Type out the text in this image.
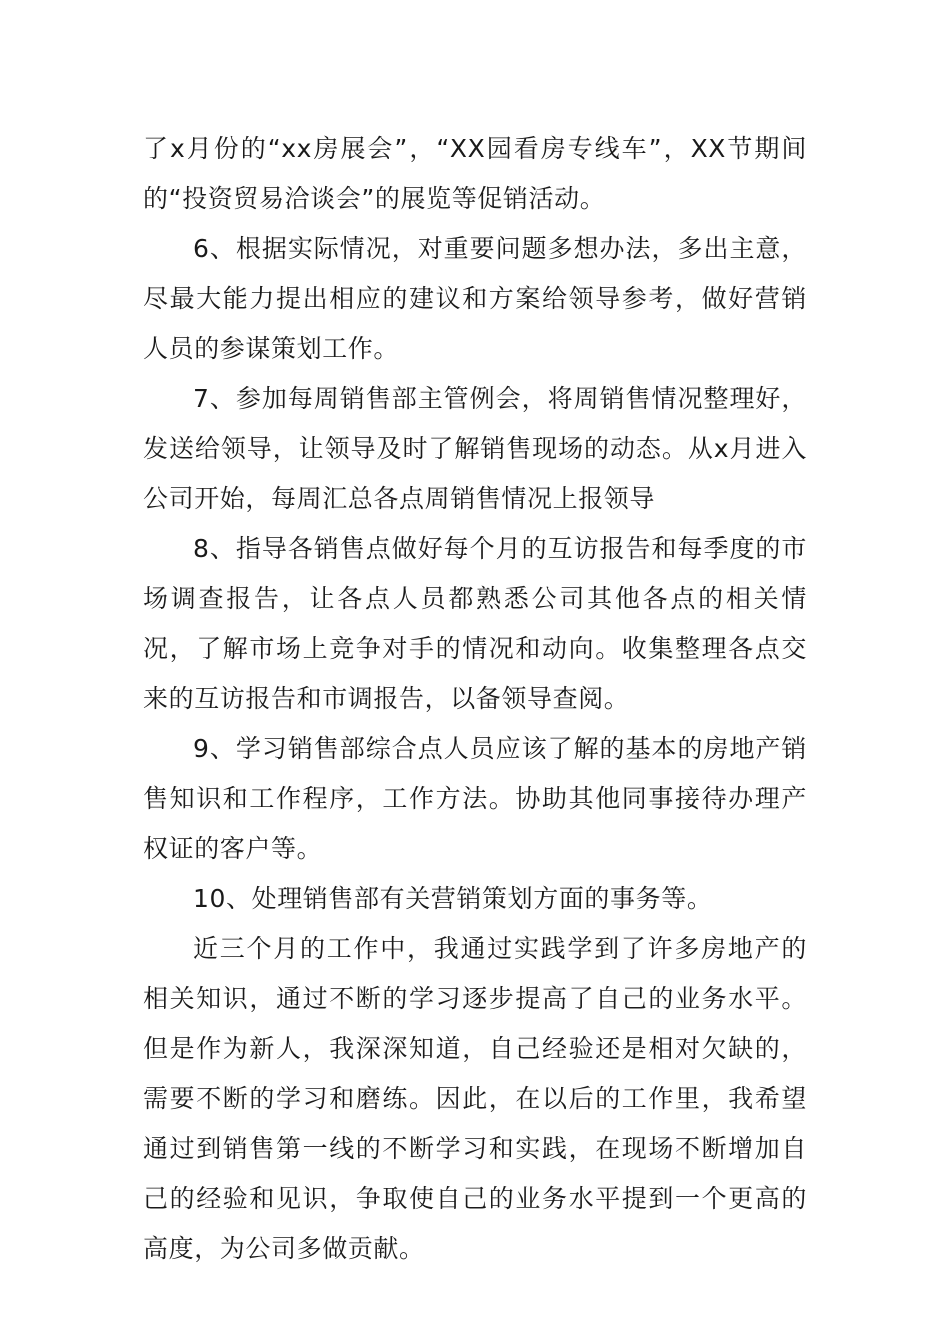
了x月份的“xx房展会”，“XX园看房专线车”，XX节期间的“投资贸易洽谈会”的展览等促销活动。

6、根据实际情况，对重要问题多想办法，多出主意，尽最大能力提出相应的建议和方案给领导参考，做好营销人员的参谋策划工作。

7、参加每周销售部主管例会，将周销售情况整理好，发送给领导，让领导及时了解销售现场的动态。从x月进入公司开始，每周汇总各点周销售情况上报领导

8、指导各销售点做好每个月的互访报告和每季度的市场调查报告，让各点人员都熟悉公司其他各点的相关情况，了解市场上竞争对手的情况和动向。收集整理各点交来的互访报告和市调报告，以备领导查阅。

9、学习销售部综合点人员应该了解的基本的房地产销售知识和工作程序，工作方法。协助其他同事接待办理产权证的客户等。

10、处理销售部有关营销策划方面的事务等。

近三个月的工作中，我通过实践学到了许多房地产的相关知识，通过不断的学习逐步提高了自己的业务水平。但是作为新人，我深深知道，自己经验还是相对欠缺的，需要不断的学习和磨练。因此，在以后的工作里，我希望通过到销售第一线的不断学习和实践，在现场不断增加自己的经验和见识，争取使自己的业务水平提到一个更高的高度，为公司多做贡献。
